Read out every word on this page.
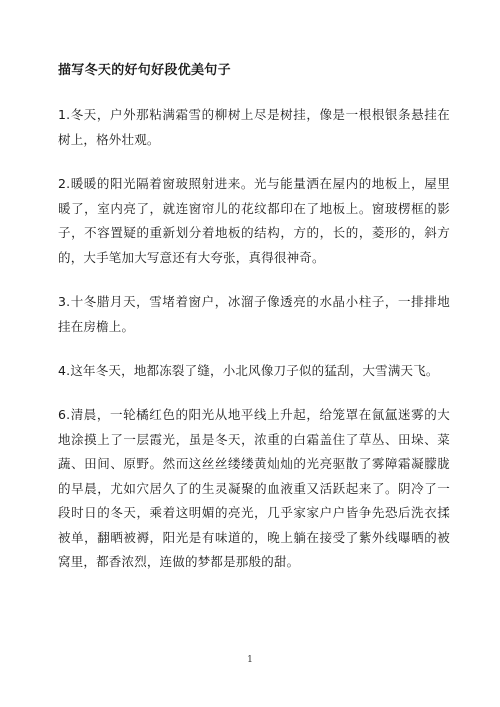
描写冬天的好句好段优美句子
1.冬天，户外那粘满霜雪的柳树上尽是树挂，像是一根根银条悬挂在树上，格外壮观。
2.暖暖的阳光隔着窗玻照射进来。光与能量洒在屋内的地板上，屋里暖了，室内亮了，就连窗帘儿的花纹都印在了地板上。窗玻楞框的影子，不容置疑的重新划分着地板的结构，方的，长的，菱形的，斜方的，大手笔加大写意还有大夸张，真得很神奇。
3.十冬腊月天，雪堵着窗户，冰溜子像透亮的水晶小柱子，一排排地挂在房檐上。
4.这年冬天，地都冻裂了缝，小北风像刀子似的猛刮，大雪满天飞。
6.清晨，一轮橘红色的阳光从地平线上升起，给笼罩在氤氲迷雾的大地涂摸上了一层霞光，虽是冬天，浓重的白霜盖住了草丛、田垛、菜蔬、田间、原野。然而这丝丝缕缕黄灿灿的光亮驱散了雾障霜凝朦胧的早晨，尤如穴居久了的生灵凝聚的血液重又活跃起来了。阴冷了一段时日的冬天，乘着这明媚的亮光，几乎家家户户皆争先恐后洗衣揉被单，翻晒被褥，阳光是有味道的，晚上躺在接受了紫外线曝晒的被窝里，都香浓烈，连做的梦都是那般的甜。
1
